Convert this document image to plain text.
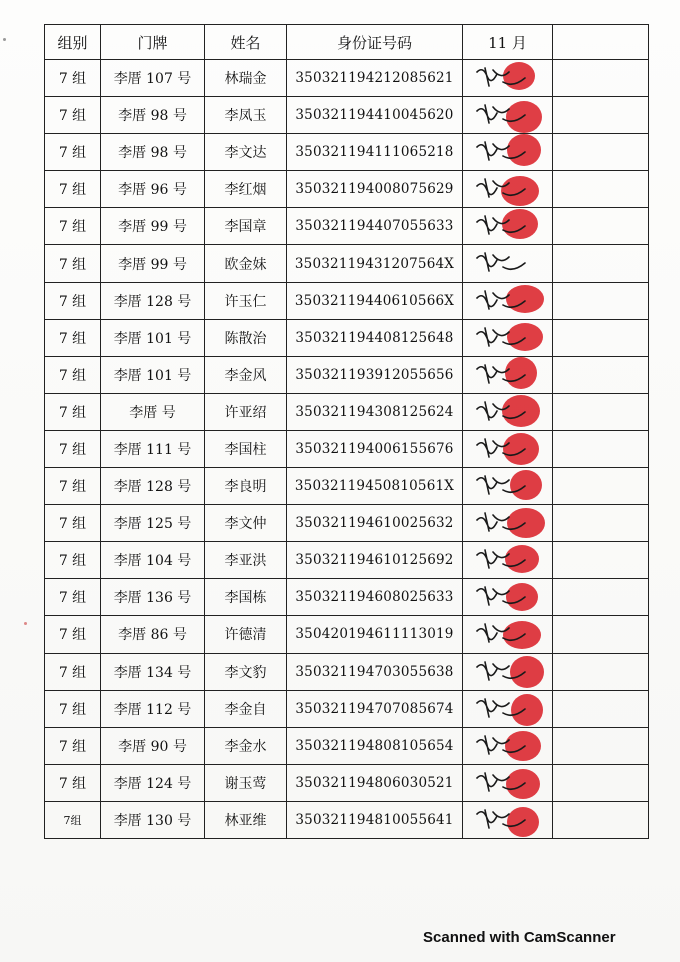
组别	门牌	姓名	身份证号码	11 月	
7 组	李厝 107 号	林瑞金	350321194212085621	

7 组	李厝 98 号	李凤玉	350321194410045620	

7 组	李厝 98 号	李文达	350321194111065218	

7 组	李厝 96 号	李红烟	350321194008075629	

7 组	李厝 99 号	李国章	350321194407055633	

7 组	李厝 99 号	欧金妹	35032119431207564X	

7 组	李厝 128 号	许玉仁	35032119440610566X	

7 组	李厝 101 号	陈散治	350321194408125648	

7 组	李厝 101 号	李金风	350321193912055656	

7 组	李厝 号	许亚绍	350321194308125624	

7 组	李厝 111 号	李国柱	350321194006155676	

7 组	李厝 128 号	李良明	35032119450810561X	

7 组	李厝 125 号	李文仲	350321194610025632	

7 组	李厝 104 号	李亚洪	350321194610125692	

7 组	李厝 136 号	李国栋	350321194608025633	

7 组	李厝 86 号	许德清	350420194611113019	

7 组	李厝 134 号	李文豹	350321194703055638	

7 组	李厝 112 号	李金自	350321194707085674	

7 组	李厝 90 号	李金水	350321194808105654	

7 组	李厝 124 号	谢玉莺	350321194806030521	

7组	李厝 130 号	林亚维	350321194810055641	

Scanned with CamScanner
